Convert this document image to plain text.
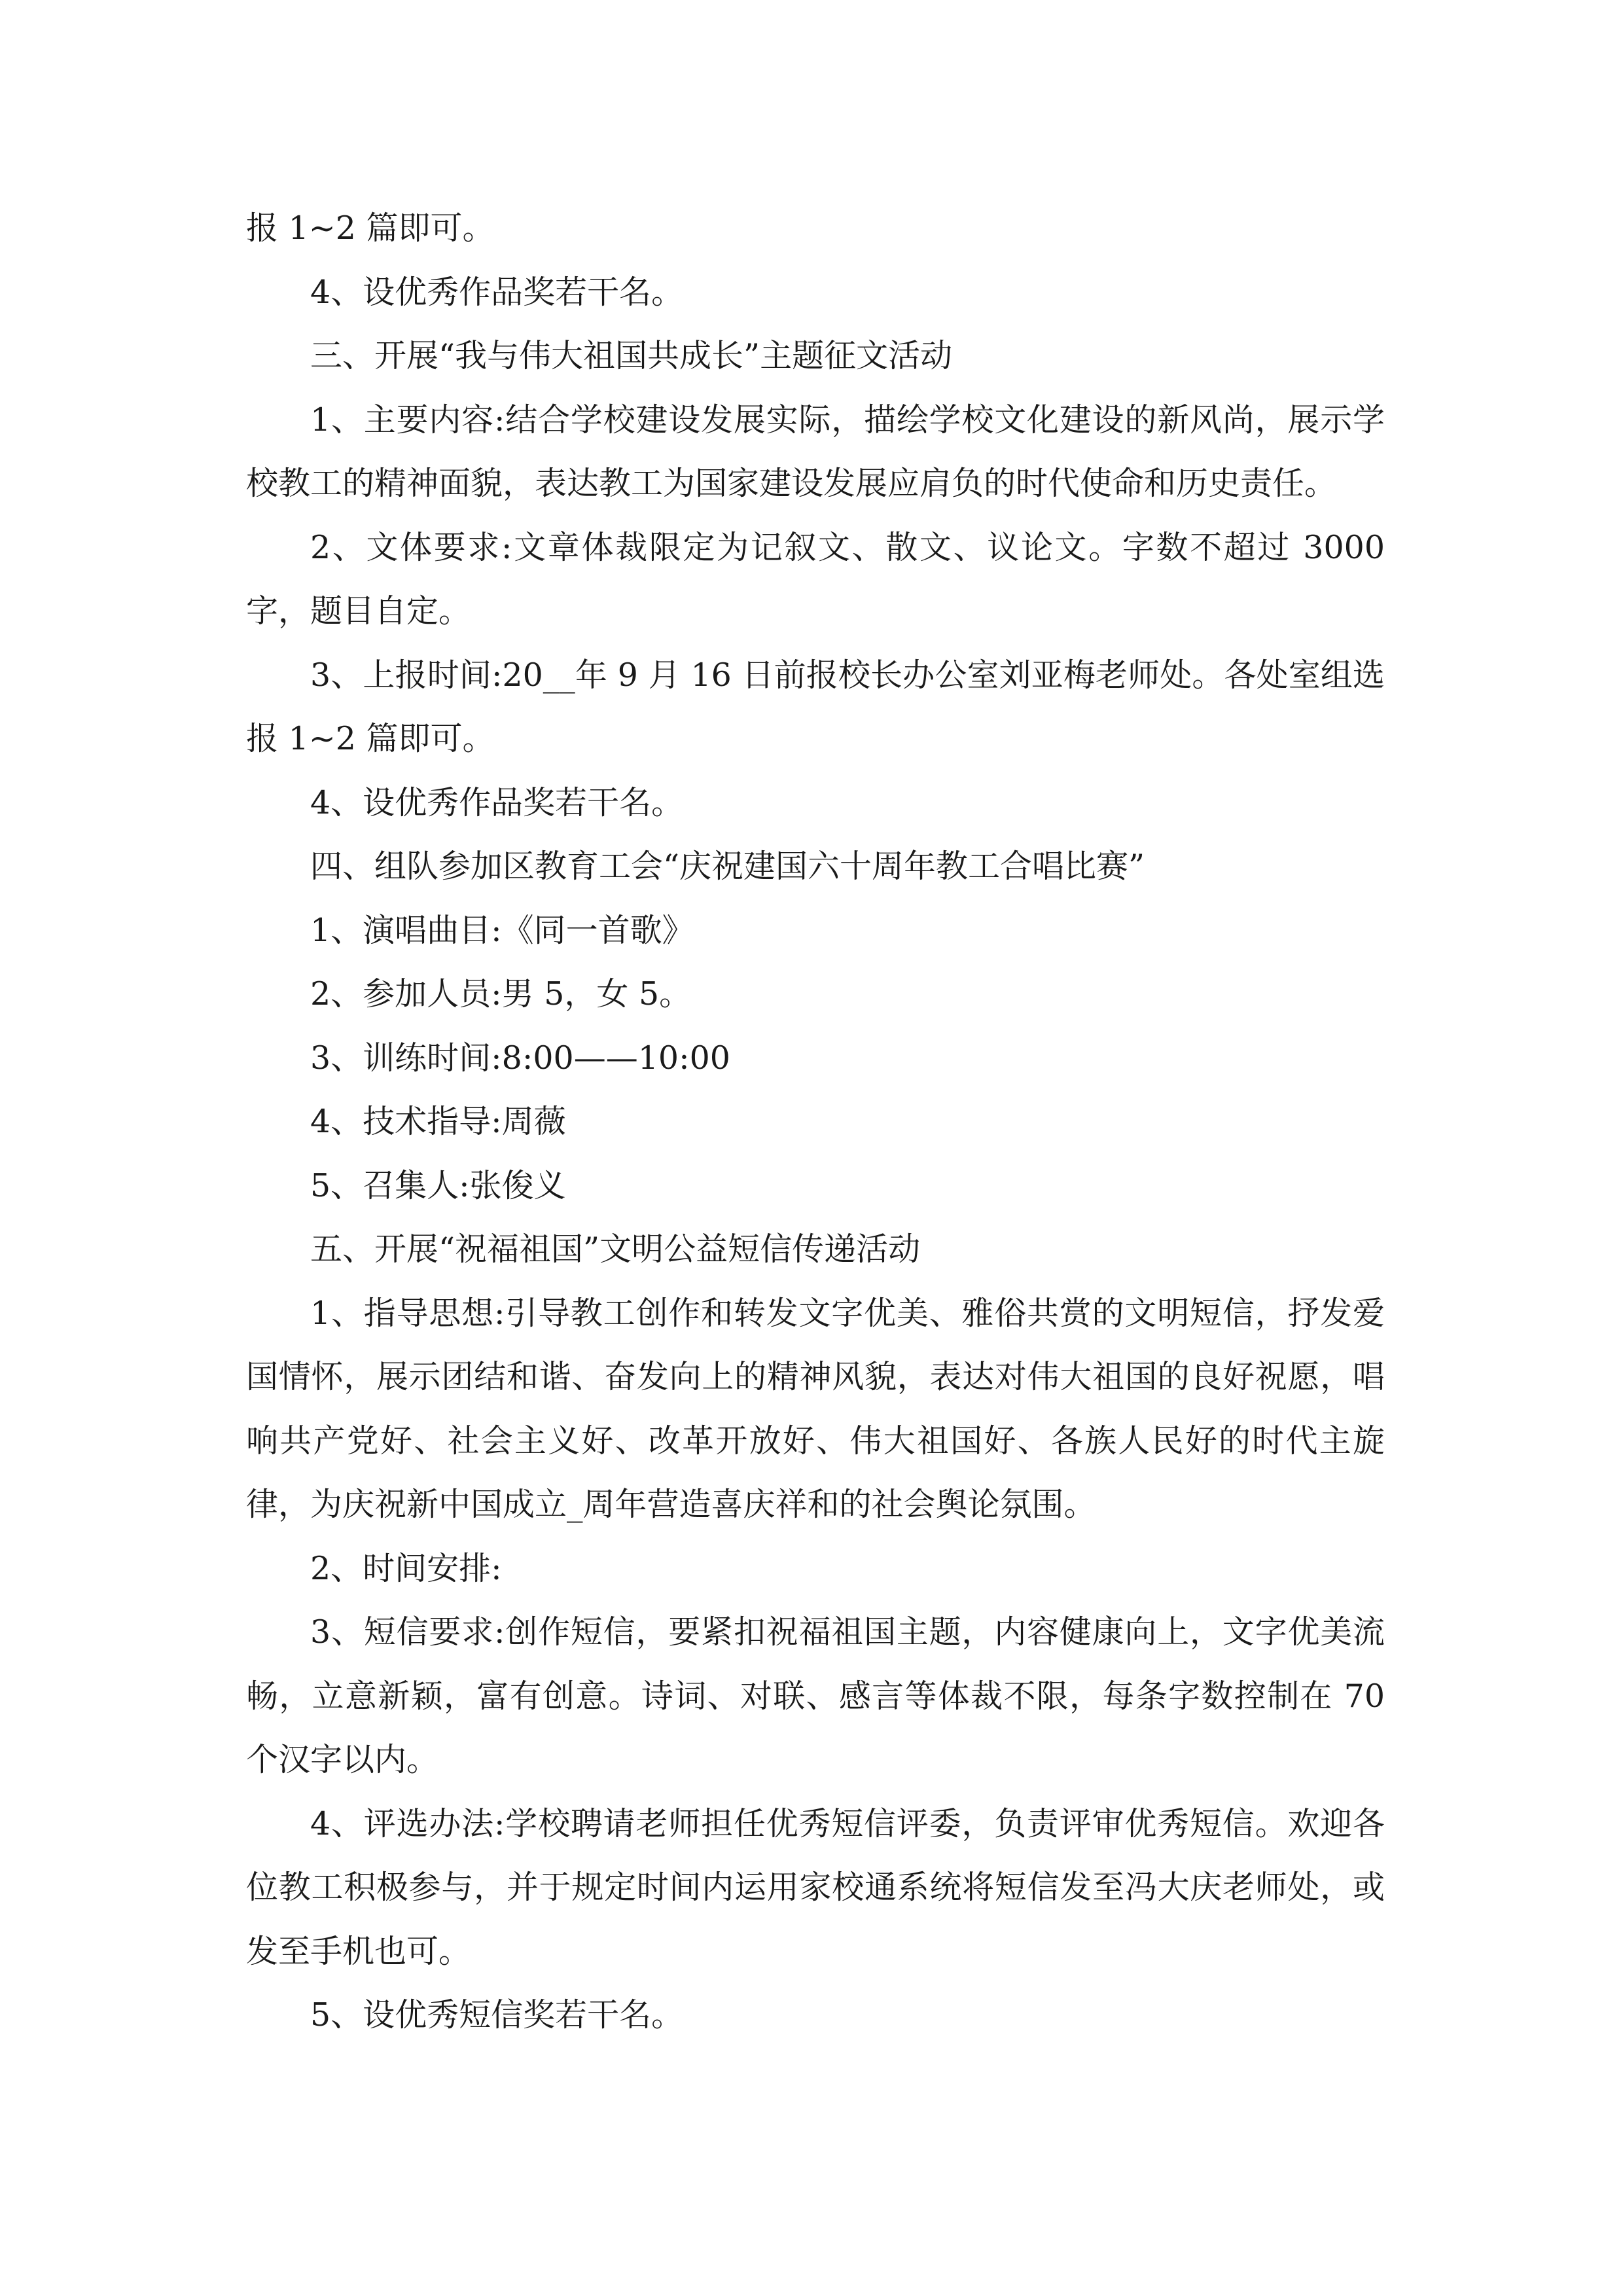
报 1~2 篇即可。

4、设优秀作品奖若干名。

三、开展“我与伟大祖国共成长”主题征文活动

1、主要内容:结合学校建设发展实际，描绘学校文化建设的新风尚，展示学校教工的精神面貌，表达教工为国家建设发展应肩负的时代使命和历史责任。

2、文体要求:文章体裁限定为记叙文、散文、议论文。字数不超过 3000 字，题目自定。

3、上报时间:20__年 9 月 16 日前报校长办公室刘亚梅老师处。各处室组选报 1~2 篇即可。

4、设优秀作品奖若干名。

四、组队参加区教育工会“庆祝建国六十周年教工合唱比赛”

1、演唱曲目:《同一首歌》

2、参加人员:男 5，女 5。

3、训练时间:8:00——10:00

4、技术指导:周薇

5、召集人:张俊义

五、开展“祝福祖国”文明公益短信传递活动

1、指导思想:引导教工创作和转发文字优美、雅俗共赏的文明短信，抒发爱国情怀，展示团结和谐、奋发向上的精神风貌，表达对伟大祖国的良好祝愿，唱响共产党好、社会主义好、改革开放好、伟大祖国好、各族人民好的时代主旋律，为庆祝新中国成立_周年营造喜庆祥和的社会舆论氛围。

2、时间安排:

3、短信要求:创作短信，要紧扣祝福祖国主题，内容健康向上，文字优美流畅，立意新颖，富有创意。诗词、对联、感言等体裁不限，每条字数控制在 70 个汉字以内。

4、评选办法:学校聘请老师担任优秀短信评委，负责评审优秀短信。欢迎各位教工积极参与，并于规定时间内运用家校通系统将短信发至冯大庆老师处，或发至手机也可。

5、设优秀短信奖若干名。
